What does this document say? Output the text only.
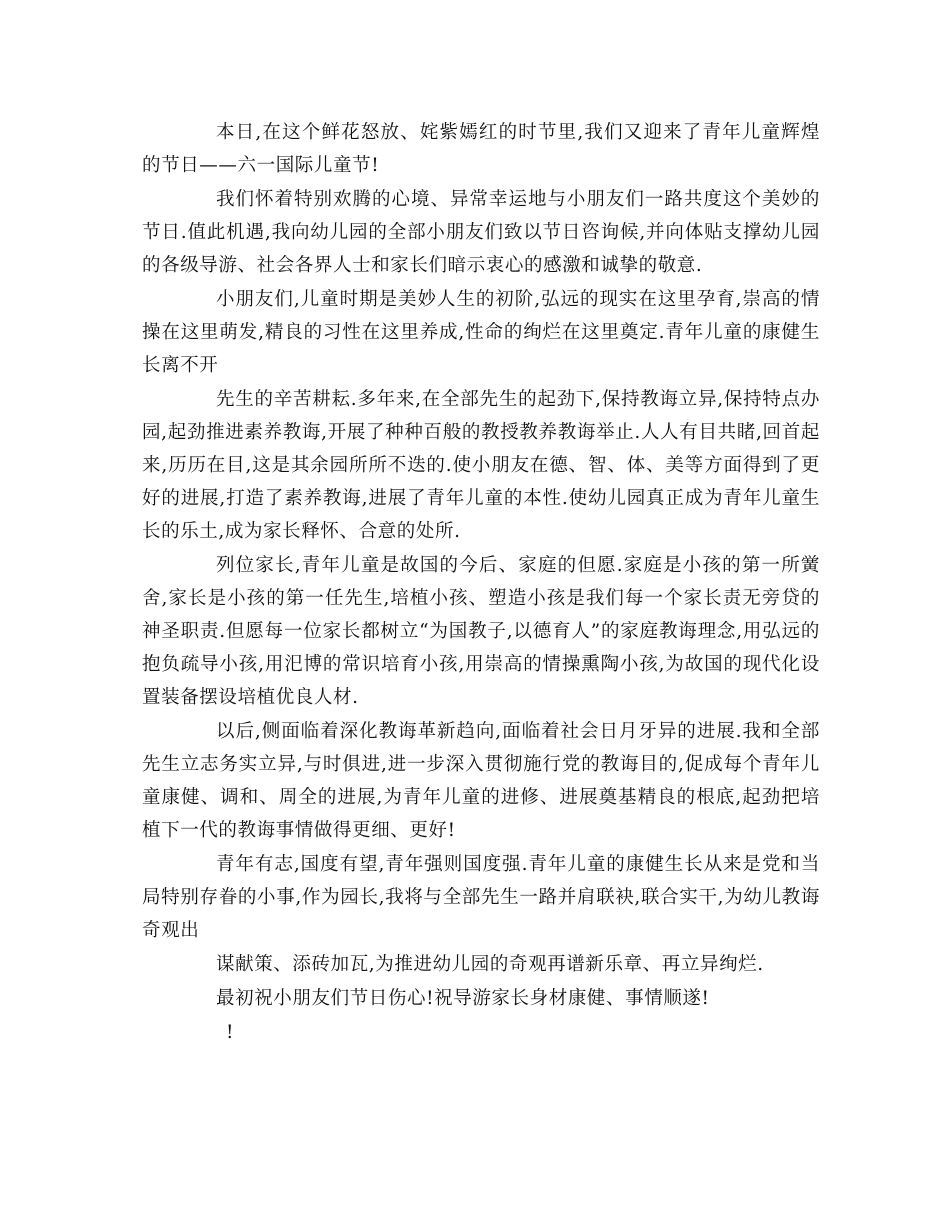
本日,在这个鲜花怒放、姹紫嫣红的时节里,我们又迎来了青年儿童辉煌的节日——六一国际儿童节!

我们怀着特别欢腾的心境、异常幸运地与小朋友们一路共度这个美妙的节日.值此机遇,我向幼儿园的全部小朋友们致以节日咨询候,并向体贴支撑幼儿园的各级导游、社会各界人士和家长们暗示衷心的感激和诚挚的敬意.

小朋友们,儿童时期是美妙人生的初阶,弘远的现实在这里孕育,崇高的情操在这里萌发,精良的习性在这里养成,性命的绚烂在这里奠定.青年儿童的康健生长离不开

先生的辛苦耕耘.多年来,在全部先生的起劲下,保持教诲立异,保持特点办园,起劲推进素养教诲,开展了种种百般的教授教养教诲举止.人人有目共睹,回首起来,历历在目,这是其余园所所不迭的.使小朋友在德、智、体、美等方面得到了更好的进展,打造了素养教诲,进展了青年儿童的本性.使幼儿园真正成为青年儿童生长的乐土,成为家长释怀、合意的处所.

列位家长,青年儿童是故国的今后、家庭的但愿.家庭是小孩的第一所黉舍,家长是小孩的第一任先生,培植小孩、塑造小孩是我们每一个家长责无旁贷的神圣职责.但愿每一位家长都树立“为国教子,以德育人”的家庭教诲理念,用弘远的抱负疏导小孩,用汜博的常识培育小孩,用崇高的情操熏陶小孩,为故国的现代化设置装备摆设培植优良人材.

以后,侧面临着深化教诲革新趋向,面临着社会日月牙异的进展.我和全部先生立志务实立异,与时俱进,进一步深入贯彻施行党的教诲目的,促成每个青年儿童康健、调和、周全的进展,为青年儿童的进修、进展奠基精良的根底,起劲把培植下一代的教诲事情做得更细、更好!

青年有志,国度有望,青年强则国度强.青年儿童的康健生长从来是党和当局特别存眷的小事,作为园长,我将与全部先生一路并肩联袂,联合实干,为幼儿教诲奇观出

谋献策、添砖加瓦,为推进幼儿园的奇观再谱新乐章、再立异绚烂.

最初祝小朋友们节日伤心!祝导游家长身材康健、事情顺遂!

!
